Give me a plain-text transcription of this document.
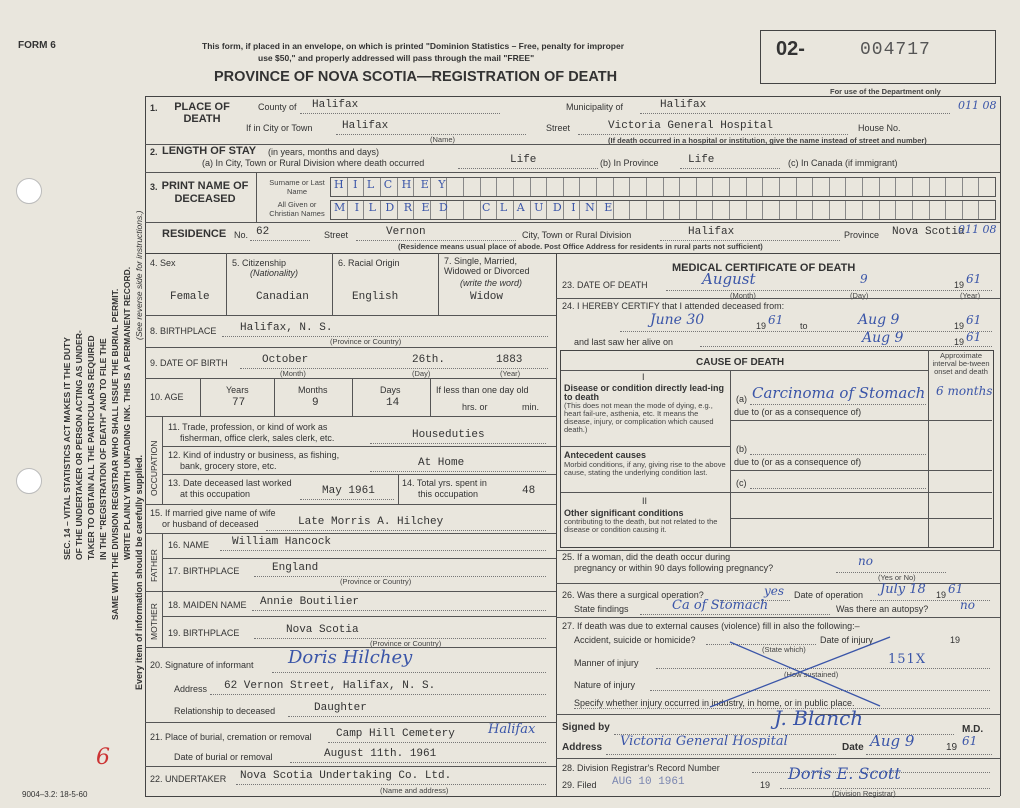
FORM 6
SEC. 14 – VITAL STATISTICS ACT MAKES IT THE DUTY OF THE UNDERTAKER OR PERSON ACTING AS UNDER- TAKER TO OBTAIN ALL THE PARTICULARS REQUIRED IN THE "REGISTRATION OF DEATH" AND TO FILE THE SAME WITH THE DIVISION REGISTRAR WHO SHALL ISSUE THE BURIAL PERMIT. WRITE PLAINLY WITH UNFADING INK. THIS IS A PERMANENT RECORD. (See reverse side for instructions.)
Every item of information should be carefully supplied.
6
9004–3.2: 18-5-60
This form, if placed in an envelope, on which is printed "Dominion Statistics – Free, penalty for improper
use $50," and properly addressed will pass through the mail "FREE"
PROVINCE OF NOVA SCOTIA—REGISTRATION OF DEATH
02-	004717
For use of the Department only
011 08
1. PLACE OF DEATH
County of Halifax	Municipality of	Halifax
If in City or Town	Halifax
(Name)
Street	Victoria General Hospital	House No.
(If death occurred in a hospital or institution, give the name instead of street and number)
2. LENGTH OF STAY (in years, months and days)
(a) In City, Town or Rural Division where death occurred	Life	(b) In Province	Life	(c) In Canada (if immigrant)
3. PRINT NAME OF DECEASED
Surname or Last Name
H I L C H E Y
All Given or Christian Names M I L D R E D	C L A U D I N E
RESIDENCE No. 62	Street	Vernon	City, Town or Rural Division	Halifax	Province Nova Scotia
011 08
(Residence means usual place of abode. Post Office Address for residents in rural parts not sufficient)
4. Sex
Female
5. Citizenship
(Nationality)
Canadian
6. Racial Origin
English
7. Single, Married, Widowed or Divorced
(write the word)
Widow
8. BIRTHPLACE Halifax, N. S.
(Province or Country)
9. DATE OF BIRTH	October	26th.	1883
(Month)	(Day)	(Year)
10. AGE
Years
77
Months
9
Days
14
If less than one day old
hrs. or	min.
OCCUPATION
11. Trade, profession, or kind of work as
fisherman, office clerk, sales clerk, etc.	Houseduties
12. Kind of industry or business, as fishing,
bank, grocery store, etc.	At Home
13. Date deceased last worked
at this occupation	May 1961
14. Total yrs. spent in
this occupation	48
15. If married give name of wife
or husband of deceased	Late Morris A. Hilchey
FATHER
16. NAME William Hancock
17. BIRTHPLACE	England
(Province or Country)
MOTHER 18. MAIDEN NAME Annie Boutilier
19. BIRTHPLACE	Nova Scotia
(Province or Country)
20. Signature of informant Doris Hilchey
Address 62 Vernon Street, Halifax, N. S.
Relationship to deceased	Daughter
21. Place of burial, cremation or removal Camp Hill Cemetery	Halifax
Date of burial or removal	August 11th. 1961
22. UNDERTAKER Nova Scotia Undertaking Co. Ltd.
(Name and address)
MEDICAL CERTIFICATE OF DEATH
23. DATE OF DEATH	August	9	19 61
(Month)	(Day)	(Year)
24. I HEREBY CERTIFY that I attended deceased from:
June 30	19 61 to	Aug 9	19 61
and last saw her alive on	Aug 9	19 61
CAUSE OF DEATH
Approximate interval be-tween onset and death
I
Disease or condition directly lead-ing to death
(This does not mean the mode of dying, e.g., heart fail-ure, asthenia, etc. It means the disease, injury, or complication which caused death.)
(a) Carcinoma of Stomach 6 months
due to (or as a consequence of)
(b)
due to (or as a consequence of)
Antecedent causes
Morbid conditions, if any, giving rise to the above cause, stating the underlying condition last.
(c)
II
Other significant conditions
contributing to the death, but not related to the disease or condition causing it.
25. If a woman, did the death occur during
pregnancy or within 90 days following pregnancy?	no
(Yes or No)
26. Was there a surgical operation?	yes Date of operation July 18 19 61
State findings	Ca of Stomach	Was there an autopsy?	no
27. If death was due to external causes (violence) fill in also the following:–
Accident, suicide or homicide?	Date of injury	19
(State which)
Manner of injury	151X
Nature of injury
(How sustained)
Specify whether injury occurred in industry, in home, or in public place.
Signed by	J. Blanch	M.D.
Address Victoria General Hospital	Date Aug 9	19 61
28. Division Registrar's Record Number
29. Filed AUG 10 1961	19
Doris E. Scott
(Division Registrar)
